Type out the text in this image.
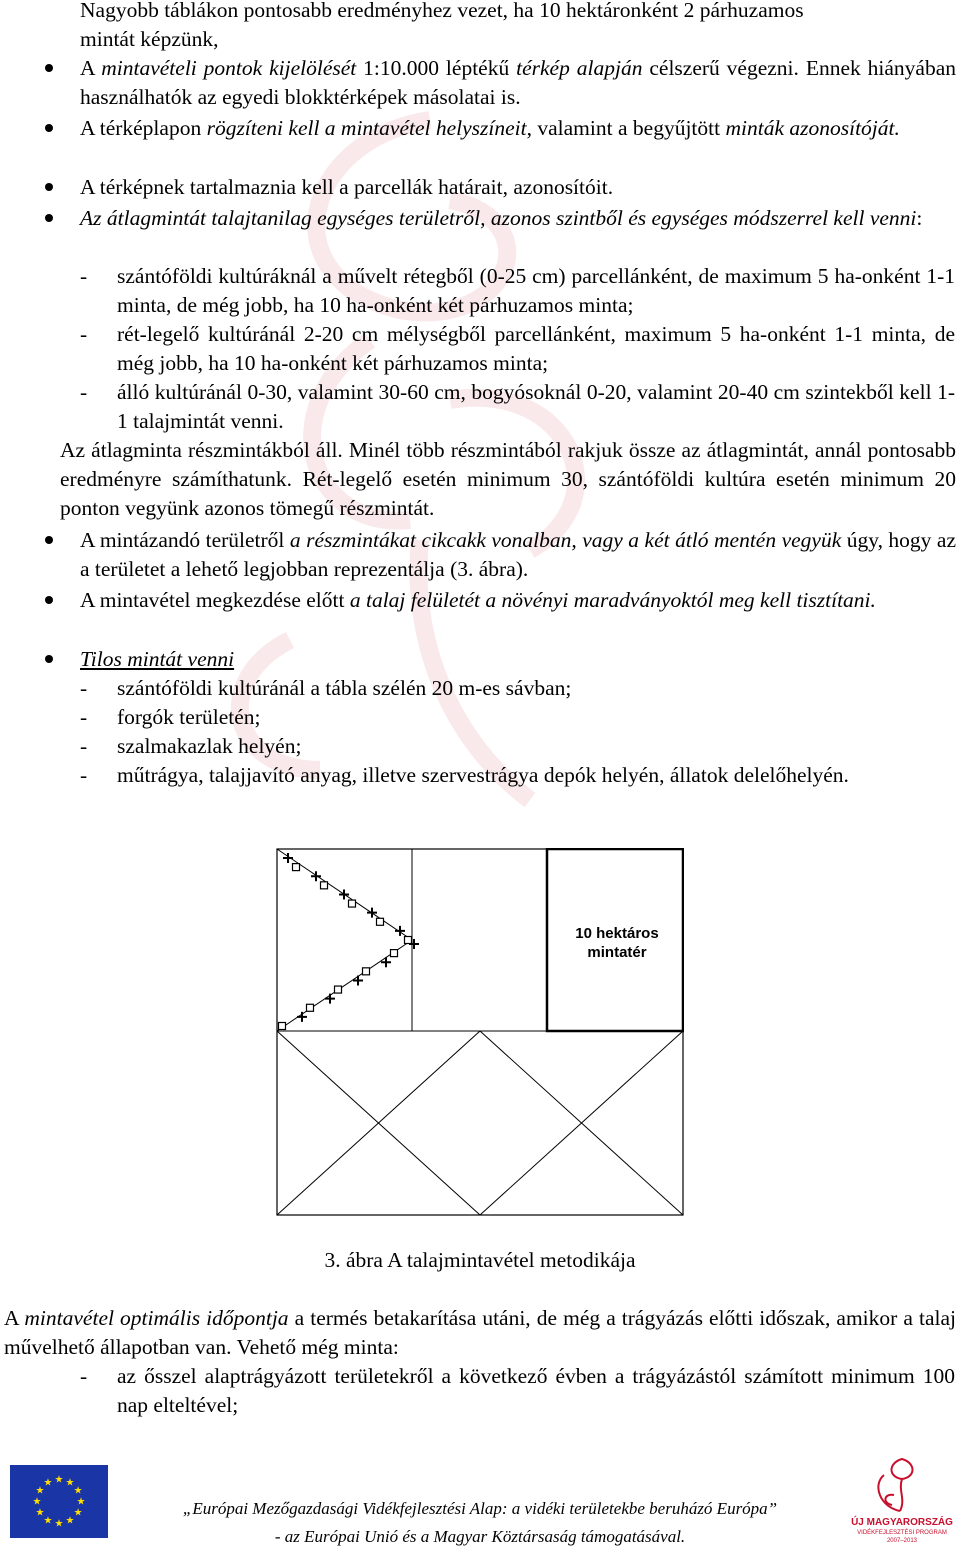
Nagyobb táblákon pontosabb eredményhez vezet, ha 10 hektáronként 2 párhuzamos
mintát képzünk,
A mintavételi pontok kijelölését 1:10.000 léptékű térkép alapján célszerű végezni. Ennek hiányában használhatók az egyedi blokktérképek másolatai is.
A térképlapon rögzíteni kell a mintavétel helyszíneit, valamint a begyűjtött minták azonosítóját.
A térképnek tartalmaznia kell a parcellák határait, azonosítóit.
Az átlagmintát talajtanilag egységes területről, azonos szintből és egységes módszerrel kell venni:
- szántóföldi kultúráknál a művelt rétegből (0-25 cm) parcellánként, de maximum 5 ha-onként 1-1 minta, de még jobb, ha 10 ha-onként két párhuzamos minta;
- rét-legelő kultúránál 2-20 cm mélységből parcellánként, maximum 5 ha-onként 1-1 minta, de még jobb, ha 10 ha-onként két párhuzamos minta;
- álló kultúránál 0-30, valamint 30-60 cm, bogyósoknál 0-20, valamint 20-40 cm szintekből kell 1-1 talajmintát venni.
Az átlagminta részmintákból áll. Minél több részmintából rakjuk össze az átlagmintát, annál pontosabb eredményre számíthatunk. Rét-legelő esetén minimum 30, szántóföldi kultúra esetén minimum 20 ponton vegyünk azonos tömegű részmintát.
A mintázandó területről a részmintákat cikcakk vonalban, vagy a két átló mentén vegyük úgy, hogy az a területet a lehető legjobban reprezentálja (3. ábra).
A mintavétel megkezdése előtt a talaj felületét a növényi maradványoktól meg kell tisztítani.
Tilos mintát venni
- szántóföldi kultúránál a tábla szélén 20 m-es sávban;
- forgók területén;
- szalmakazlak helyén;
- műtrágya, talajjavító anyag, illetve szervestrágya depók helyén, állatok delelőhelyén.
10 hektáros
mintatér
3. ábra A talajmintavétel metodikája
A mintavétel optimális időpontja a termés betakarítása utáni, de még a trágyázás előtti időszak, amikor a talaj művelhető állapotban van. Vehető még minta:
- az ősszel alaptrágyázott területekről a következő évben a trágyázástól számított minimum 100 nap elteltével;
★
★
★
★
★
★
★
★
★ ★ ★
★
„Európai Mezőgazdasági Vidékfejlesztési Alap: a vidéki területekbe beruházó Európa”
- az Európai Unió és a Magyar Köztársaság támogatásával.
ÚJ MAGYARORSZÁG
VIDÉKFEJLESZTÉSI PROGRAM
2007–2013
